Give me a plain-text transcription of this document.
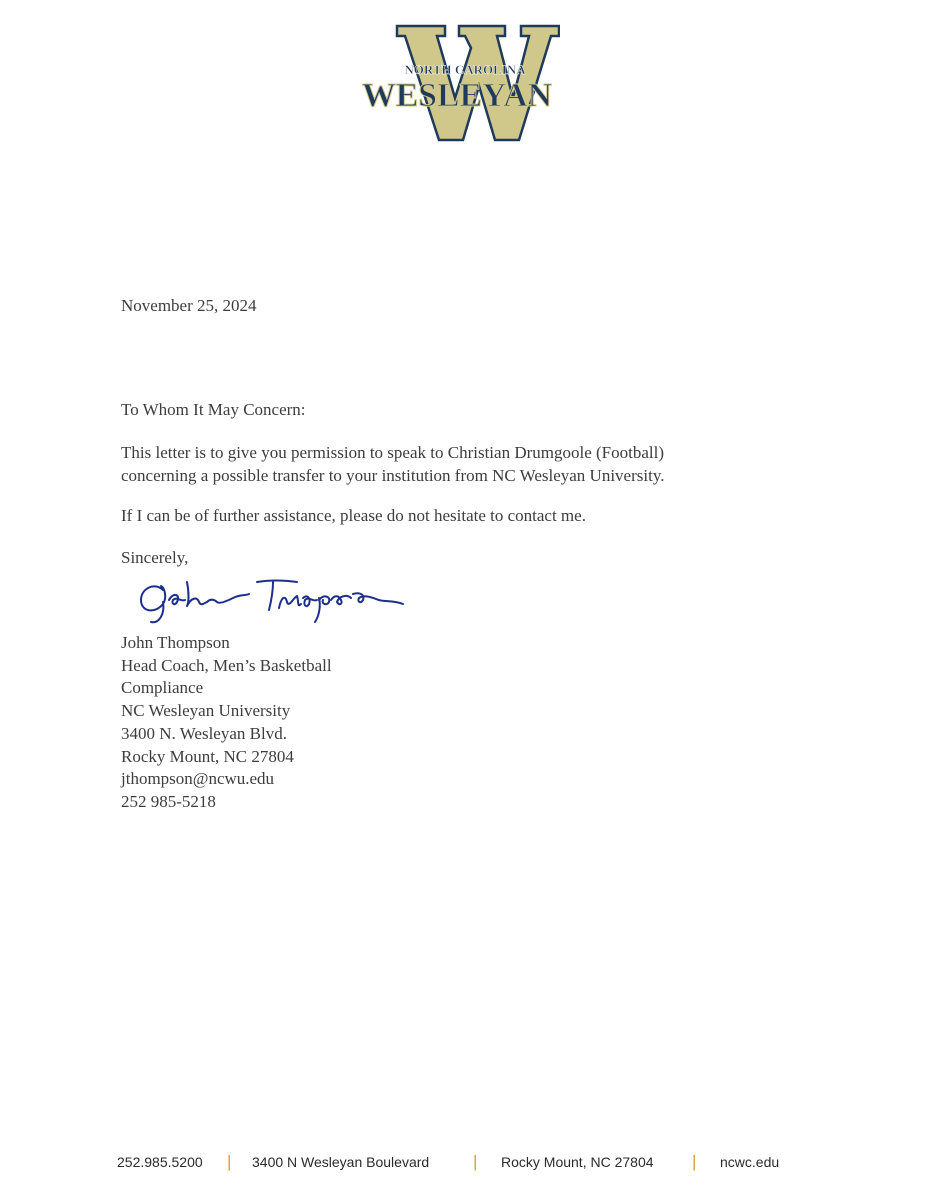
NORTH CAROLINA
WESLEYAN
November 25, 2024
To Whom It May Concern:
This letter is to give you permission to speak to Christian Drumgoole (Football)
concerning a possible transfer to your institution from NC Wesleyan University.
If I can be of further assistance, please do not hesitate to contact me.
Sincerely,
John Thompson
Head Coach, Men’s Basketball
Compliance
NC Wesleyan University
3400 N. Wesleyan Blvd.
Rocky Mount, NC 27804
jthompson@ncwu.edu
252 985-5218
252.985.5200 | 3400 N Wesleyan Boulevard	| Rocky Mount, NC 27804 | ncwc.edu
